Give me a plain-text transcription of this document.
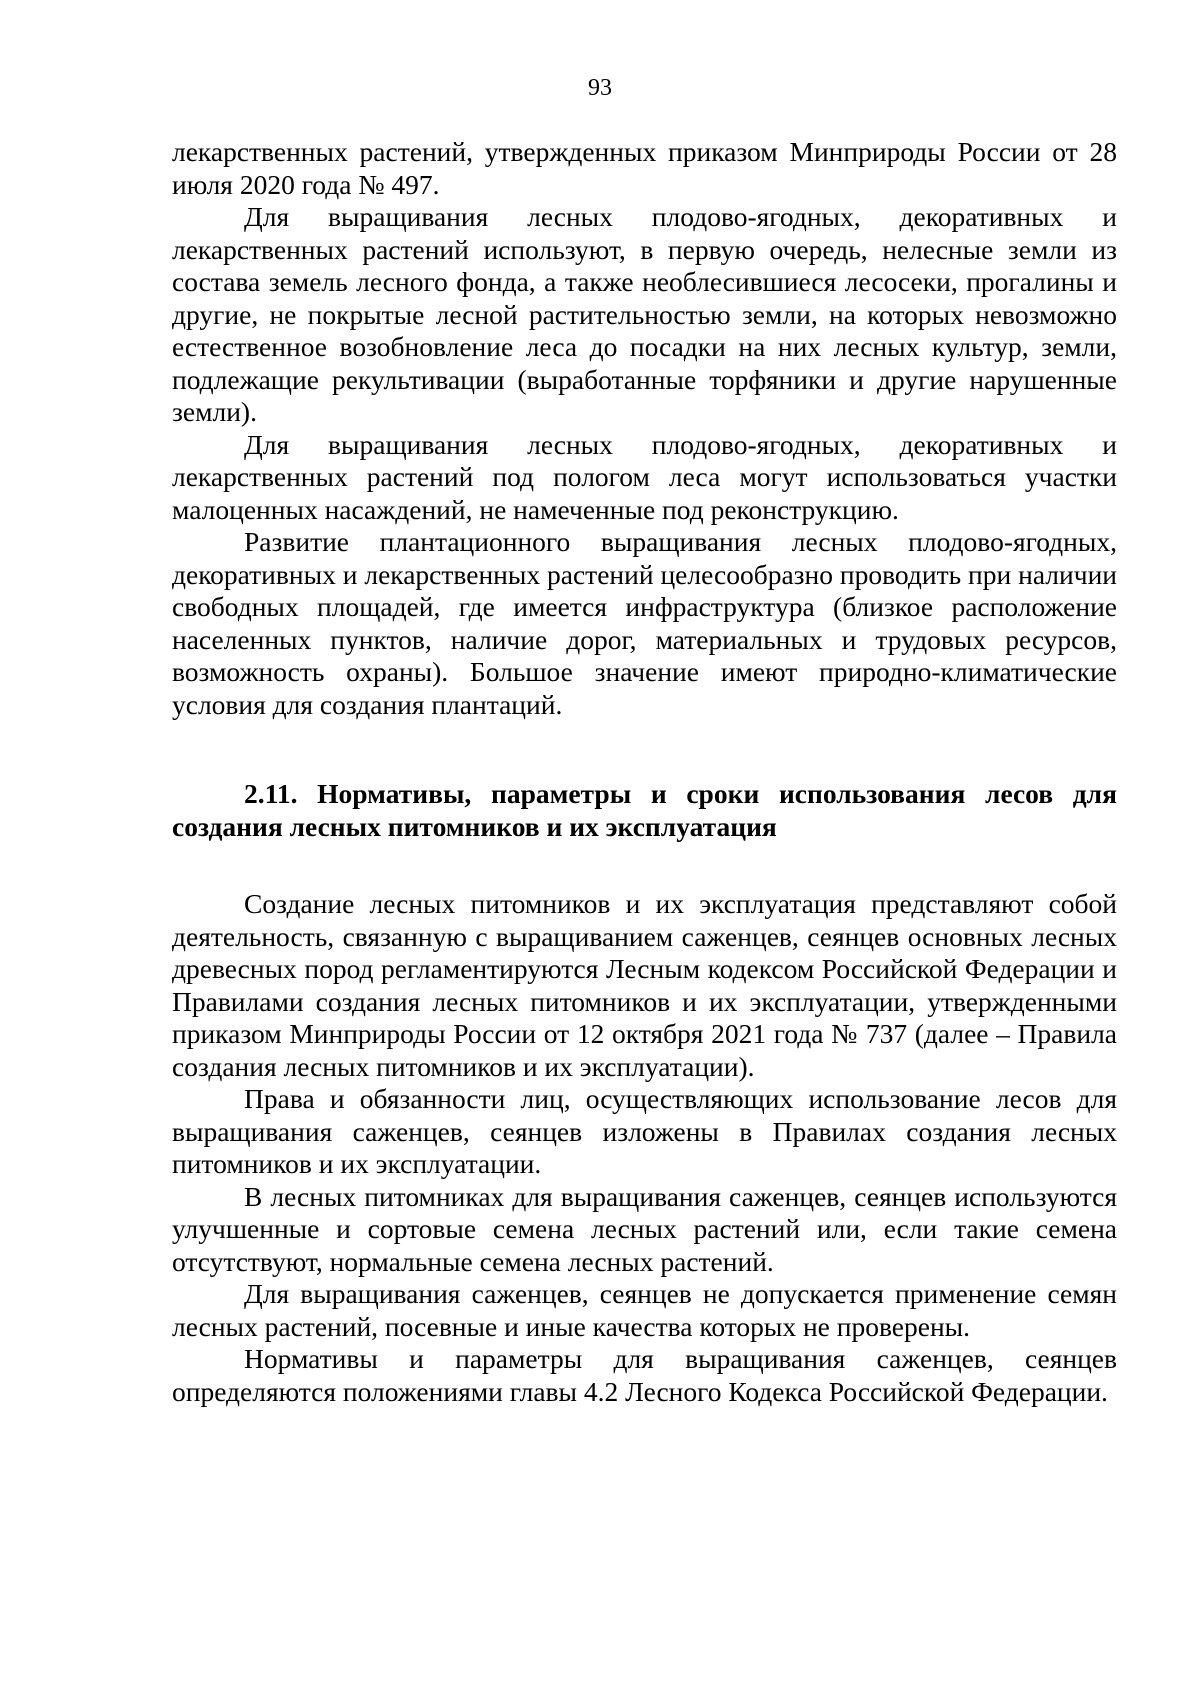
93

лекарственных растений, утвержденных приказом Минприроды России от 28 июля 2020 года № 497.

Для выращивания лесных плодово-ягодных, декоративных и лекарственных растений используют, в первую очередь, нелесные земли из состава земель лесного фонда, а также необлесившиеся лесосеки, прогалины и другие, не покрытые лесной растительностью земли, на которых невозможно естественное возобновление леса до посадки на них лесных культур, земли, подлежащие рекультивации (выработанные торфяники и другие нарушенные земли).

Для выращивания лесных плодово-ягодных, декоративных и лекарственных растений под пологом леса могут использоваться участки малоценных насаждений, не намеченные под реконструкцию.

Развитие плантационного выращивания лесных плодово-ягодных, декоративных и лекарственных растений целесообразно проводить при наличии свободных площадей, где имеется инфраструктура (близкое расположение населенных пунктов, наличие дорог, материальных и трудовых ресурсов, возможность охраны). Большое значение имеют природно-климатические условия для создания плантаций.

2.11. Нормативы, параметры и сроки использования лесов для создания лесных питомников и их эксплуатация

Создание лесных питомников и их эксплуатация представляют собой деятельность, связанную с выращиванием саженцев, сеянцев основных лесных древесных пород регламентируются Лесным кодексом Российской Федерации и Правилами создания лесных питомников и их эксплуатации, утвержденными приказом Минприроды России от 12 октября 2021 года № 737 (далее – Правила создания лесных питомников и их эксплуатации).

Права и обязанности лиц, осуществляющих использование лесов для выращивания саженцев, сеянцев изложены в Правилах создания лесных питомников и их эксплуатации.

В лесных питомниках для выращивания саженцев, сеянцев используются улучшенные и сортовые семена лесных растений или, если такие семена отсутствуют, нормальные семена лесных растений.

Для выращивания саженцев, сеянцев не допускается применение семян лесных растений, посевные и иные качества которых не проверены.

Нормативы и параметры для выращивания саженцев, сеянцев определяются положениями главы 4.2 Лесного Кодекса Российской Федерации.
